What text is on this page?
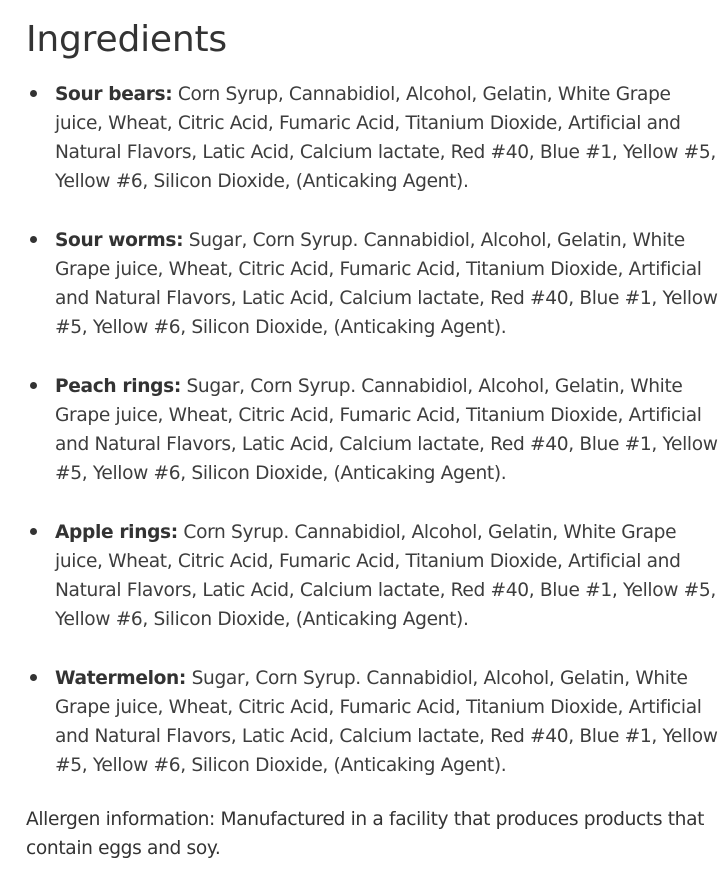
Ingredients
Sour bears: Corn Syrup, Cannabidiol, Alcohol, Gelatin, White Grape juice, Wheat, Citric Acid, Fumaric Acid, Titanium Dioxide, Artificial and Natural Flavors, Latic Acid, Calcium lactate, Red #40, Blue #1, Yellow #5, Yellow #6, Silicon Dioxide, (Anticaking Agent).
Sour worms: Sugar, Corn Syrup. Cannabidiol, Alcohol, Gelatin, White Grape juice, Wheat, Citric Acid, Fumaric Acid, Titanium Dioxide, Artificial and Natural Flavors, Latic Acid, Calcium lactate, Red #40, Blue #1, Yellow #5, Yellow #6, Silicon Dioxide, (Anticaking Agent).
Peach rings: Sugar, Corn Syrup. Cannabidiol, Alcohol, Gelatin, White Grape juice, Wheat, Citric Acid, Fumaric Acid, Titanium Dioxide, Artificial and Natural Flavors, Latic Acid, Calcium lactate, Red #40, Blue #1, Yellow #5, Yellow #6, Silicon Dioxide, (Anticaking Agent).
Apple rings: Corn Syrup. Cannabidiol, Alcohol, Gelatin, White Grape juice, Wheat, Citric Acid, Fumaric Acid, Titanium Dioxide, Artificial and Natural Flavors, Latic Acid, Calcium lactate, Red #40, Blue #1, Yellow #5, Yellow #6, Silicon Dioxide, (Anticaking Agent).
Watermelon: Sugar, Corn Syrup. Cannabidiol, Alcohol, Gelatin, White Grape juice, Wheat, Citric Acid, Fumaric Acid, Titanium Dioxide, Artificial and Natural Flavors, Latic Acid, Calcium lactate, Red #40, Blue #1, Yellow #5, Yellow #6, Silicon Dioxide, (Anticaking Agent).

Allergen information: Manufactured in a facility that produces products that contain eggs and soy.
